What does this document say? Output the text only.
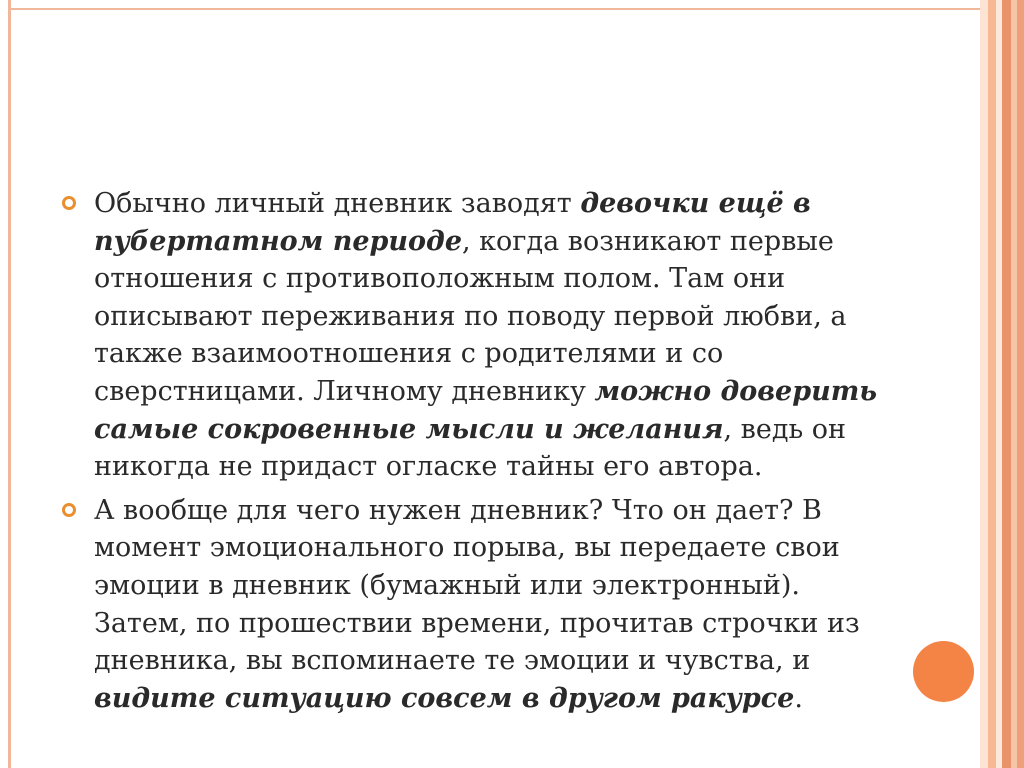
Обычно личный дневник заводят девочки ещё в пубертатном периоде, когда возникают первые отношения с противоположным полом. Там они описывают переживания по поводу первой любви, а также взаимоотношения с родителями и со сверстницами. Личному дневнику можно доверить самые сокровенные мысли и желания, ведь он никогда не придаст огласке тайны его автора.
А вообще для чего нужен дневник? Что он дает? В момент эмоционального порыва, вы передаете свои эмоции в дневник (бумажный или электронный). Затем, по прошествии времени, прочитав строчки из дневника, вы вспоминаете те эмоции и чувства, и видите ситуацию совсем в другом ракурсе.
